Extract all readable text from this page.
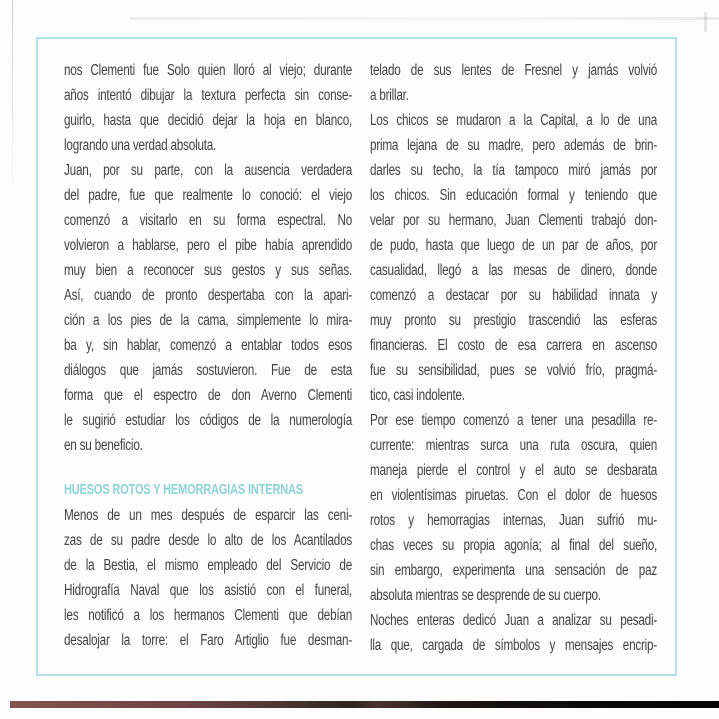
nos Clementi fue Solo quien lloró al viejo; durante
años intentó dibujar la textura perfecta sin conse-
guirlo, hasta que decidió dejar la hoja en blanco,
logrando una verdad absoluta.
Juan, por su parte, con la ausencia verdadera
del padre, fue que realmente lo conoció: el viejo
comenzó a visitarlo en su forma espectral. No
volvieron a hablarse, pero el pibe había aprendido
muy bien a reconocer sus gestos y sus señas.
Así, cuando de pronto despertaba con la apari-
ción a los pies de la cama, simplemente lo mira-
ba y, sin hablar, comenzó a entablar todos esos
diálogos que jamás sostuvieron. Fue de esta
forma que el espectro de don Averno Clementi
le sugirió estudiar los códigos de la numerología
en su beneficio.
HUESOS ROTOS Y HEMORRAGIAS INTERNAS
Menos de un mes después de esparcir las ceni-
zas de su padre desde lo alto de los Acantilados
de la Bestia, el mismo empleado del Servicio de
Hidrografía Naval que los asistió con el funeral,
les notificó a los hermanos Clementi que debían
desalojar la torre: el Faro Artiglio fue desman-
telado de sus lentes de Fresnel y jamás volvió
a brillar.
Los chicos se mudaron a la Capital, a lo de una
prima lejana de su madre, pero además de brin-
darles su techo, la tía tampoco miró jamás por
los chicos. Sin educación formal y teniendo que
velar por su hermano, Juan Clementi trabajó don-
de pudo, hasta que luego de un par de años, por
casualidad, llegó a las mesas de dinero, donde
comenzó a destacar por su habilidad innata y
muy pronto su prestigio trascendió las esferas
financieras. El costo de esa carrera en ascenso
fue su sensibilidad, pues se volvió frío, pragmá-
tico, casi indolente.
Por ese tiempo comenzó a tener una pesadilla re-
currente: mientras surca una ruta oscura, quien
maneja pierde el control y el auto se desbarata
en violentísimas piruetas. Con el dolor de huesos
rotos y hemorragias internas, Juan sufrió mu-
chas veces su propia agonía; al final del sueño,
sin embargo, experimenta una sensación de paz
absoluta mientras se desprende de su cuerpo.
Noches enteras dedicó Juan a analizar su pesadi-
lla que, cargada de símbolos y mensajes encrip-
